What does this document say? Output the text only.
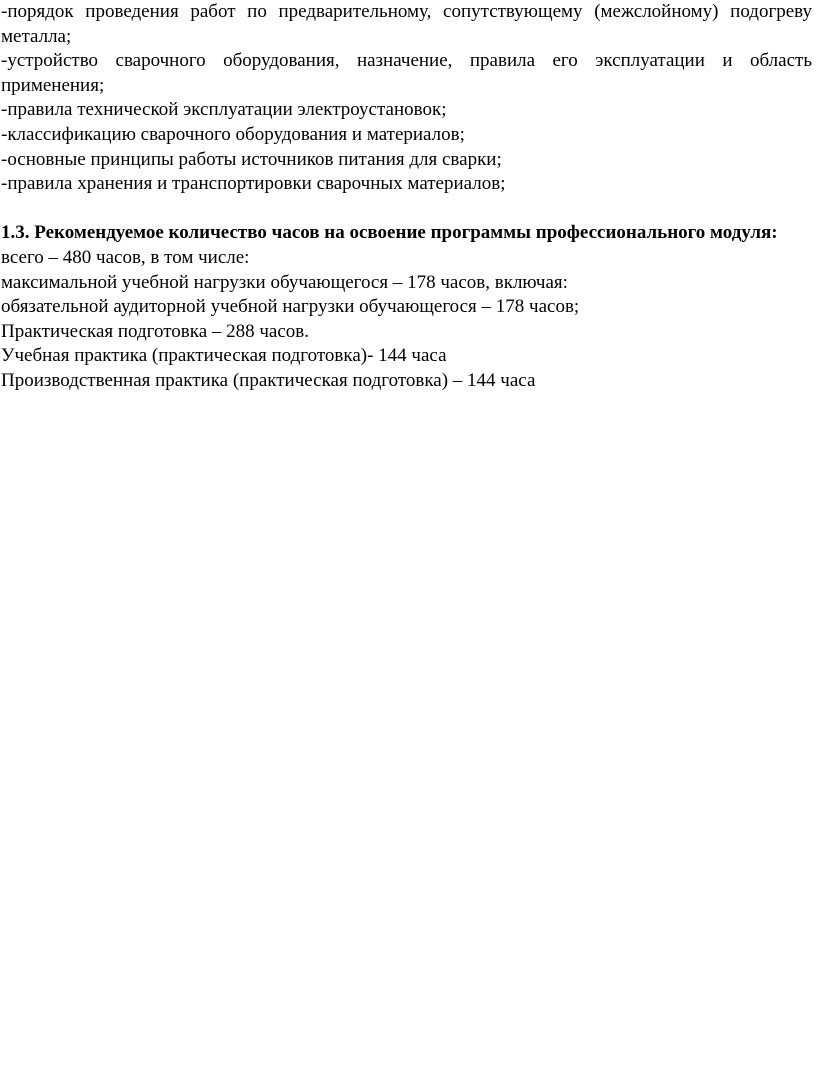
-порядок проведения работ по предварительному, сопутствующему (межслойному) подогреву металла;

-устройство сварочного оборудования, назначение, правила его эксплуатации и область применения;

-правила технической эксплуатации электроустановок;

-классификацию сварочного оборудования и материалов;

-основные принципы работы источников питания для сварки;

-правила хранения и транспортировки сварочных материалов;

1.3. Рекомендуемое количество часов на освоение программы профессионального модуля:

всего – 480 часов, в том числе:
максимальной учебной нагрузки обучающегося – 178 часов, включая:
обязательной аудиторной учебной нагрузки обучающегося – 178 часов;
Практическая подготовка – 288 часов.
Учебная практика (практическая подготовка)- 144 часа
Производственная практика (практическая подготовка) – 144 часа
